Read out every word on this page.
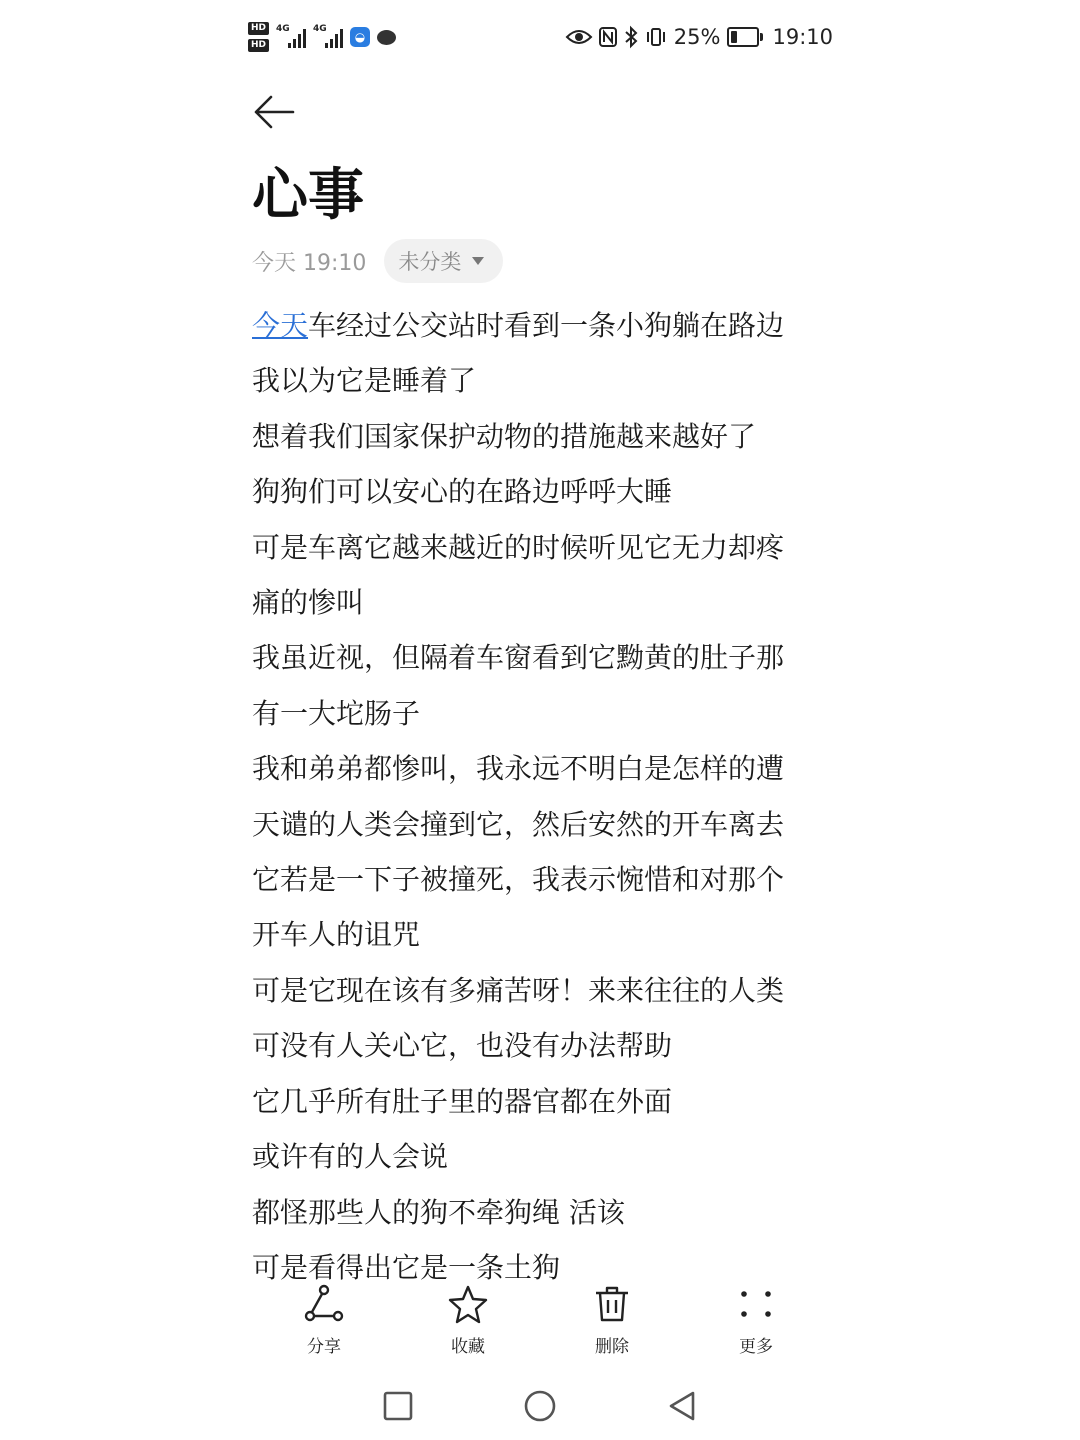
HD
HD
4G	4G
◒	25% 19:10
心事
今天 19:10 未分类
今天车经过公交站时看到一条小狗躺在路边
我以为它是睡着了
想着我们国家保护动物的措施越来越好了
狗狗们可以安心的在路边呼呼大睡
可是车离它越来越近的时候听见它无力却疼
痛的惨叫
我虽近视，但隔着车窗看到它黝黄的肚子那
有一大坨肠子
我和弟弟都惨叫，我永远不明白是怎样的遭
天谴的人类会撞到它，然后安然的开车离去
它若是一下子被撞死，我表示惋惜和对那个
开车人的诅咒
可是它现在该有多痛苦呀！来来往往的人类
可没有人关心它，也没有办法帮助
它几乎所有肚子里的器官都在外面
或许有的人会说
都怪那些人的狗不牵狗绳 活该
可是看得出它是一条土狗
分享	收藏	删除	更多
